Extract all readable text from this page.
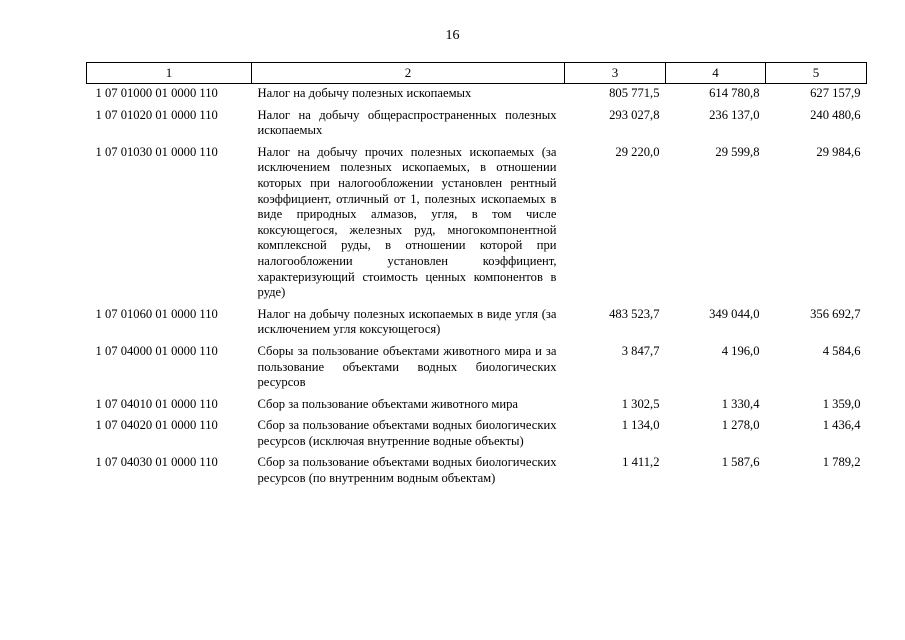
16
1	2	3	4	5
1 07 01000 01 0000 110	Налог на добычу полезных ископаемых	805 771,5	614 780,8	627 157,9
1 07 01020 01 0000 110	Налог на добычу общераспространенных полезных ископаемых	293 027,8	236 137,0	240 480,6
1 07 01030 01 0000 110	Налог на добычу прочих полезных ископаемых (за исключением полезных ископаемых, в отношении которых при налогообложении установлен рентный коэффициент, отличный от 1, полезных ископаемых в виде природных алмазов, угля, в том числе коксующегося, железных руд, многокомпонентной комплексной руды, в отношении которой при налогообложении установлен коэффициент, характеризующий стоимость ценных компонентов в руде)	29 220,0	29 599,8	29 984,6
1 07 01060 01 0000 110	Налог на добычу полезных ископаемых в виде угля (за исключением угля коксующегося)	483 523,7	349 044,0	356 692,7
1 07 04000 01 0000 110	Сборы за пользование объектами животного мира и за пользование объектами водных биологических ресурсов	3 847,7	4 196,0	4 584,6
1 07 04010 01 0000 110	Сбор за пользование объектами животного мира	1 302,5	1 330,4	1 359,0
1 07 04020 01 0000 110	Сбор за пользование объектами водных биологических ресурсов (исключая внутренние водные объекты)	1 134,0	1 278,0	1 436,4
1 07 04030 01 0000 110	Сбор за пользование объектами водных биологических ресурсов (по внутренним водным объектам)	1 411,2	1 587,6	1 789,2
